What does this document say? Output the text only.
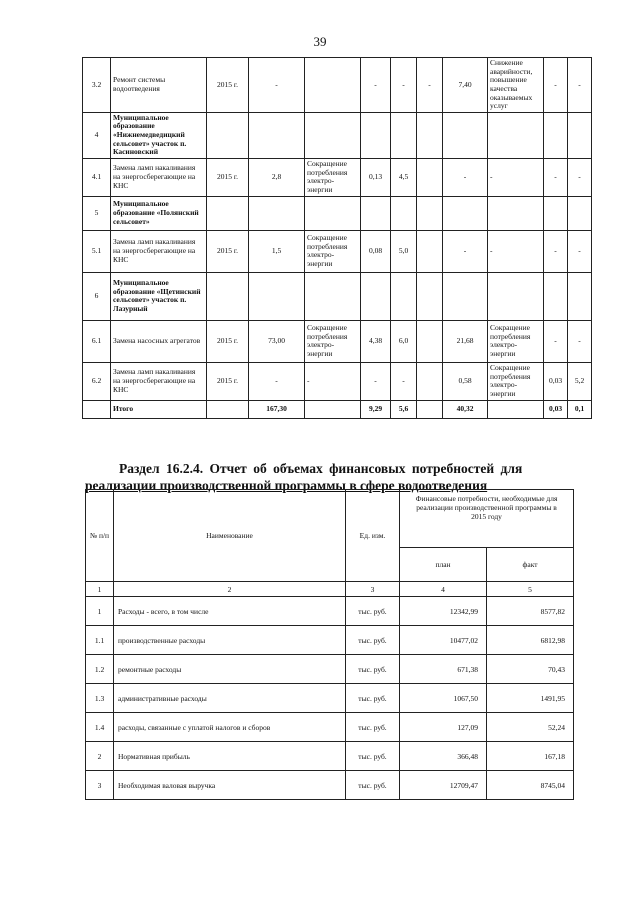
39
3.2	Ремонт системы водоотведения	2015 г.	-		-	-	-	7,40	Снижение аварийности, повышение качества оказываемых услуг	-	-
4	Муниципальное образование «Нижнемедведицкий сельсовет» участок п. Касиновский										
4.1	Замена ламп накаливания на энергосберегающие на КНС	2015 г.	2,8	Сокращение потребления электро-энергии	0,13	4,5		-	-	-	-
5	Муниципальное образование «Полянский сельсовет»										
5.1	Замена ламп накаливания на энергосберегающие на КНС	2015 г.	1,5	Сокращение потребления электро-энергии	0,08	5,0		-	-	-	-
6	Муниципальное образование «Щетинский сельсовет» участок п. Лазурный										
6.1	Замена насосных агрегатов	2015 г.	73,00	Сокращение потребления электро-энергии	4,38	6,0		21,68	Сокращение потребления электро-энергии	-	-
6.2	Замена ламп накаливания на энергосберегающие на КНС	2015 г.	-	-	-	-		0,58	Сокращение потребления электро-энергии	0,03	5,2
	Итого		167,30		9,29	5,6		40,32		0,03	0,1
Раздел 16.2.4. Отчет об объемах финансовых потребностей для
реализации производственной программы в сфере водоотведения
№ п/п	Наименование	Ед. изм.	Финансовые потребности, необходимые для реализации производственной программы в 2015 году	
			план	факт
1	2	3	4	5
1	Расходы - всего, в том числе	тыс. руб.	12342,99	8577,82
1.1	производственные расходы	тыс. руб.	10477,02	6812,98
1.2	ремонтные расходы	тыс. руб.	671,38	70,43
1.3	административные расходы	тыс. руб.	1067,50	1491,95
1.4	расходы, связанные с уплатой налогов и сборов	тыс. руб.	127,09	52,24
2	Нормативная прибыль	тыс. руб.	366,48	167,18
3	Необходимая валовая выручка	тыс. руб.	12709,47	8745,04
